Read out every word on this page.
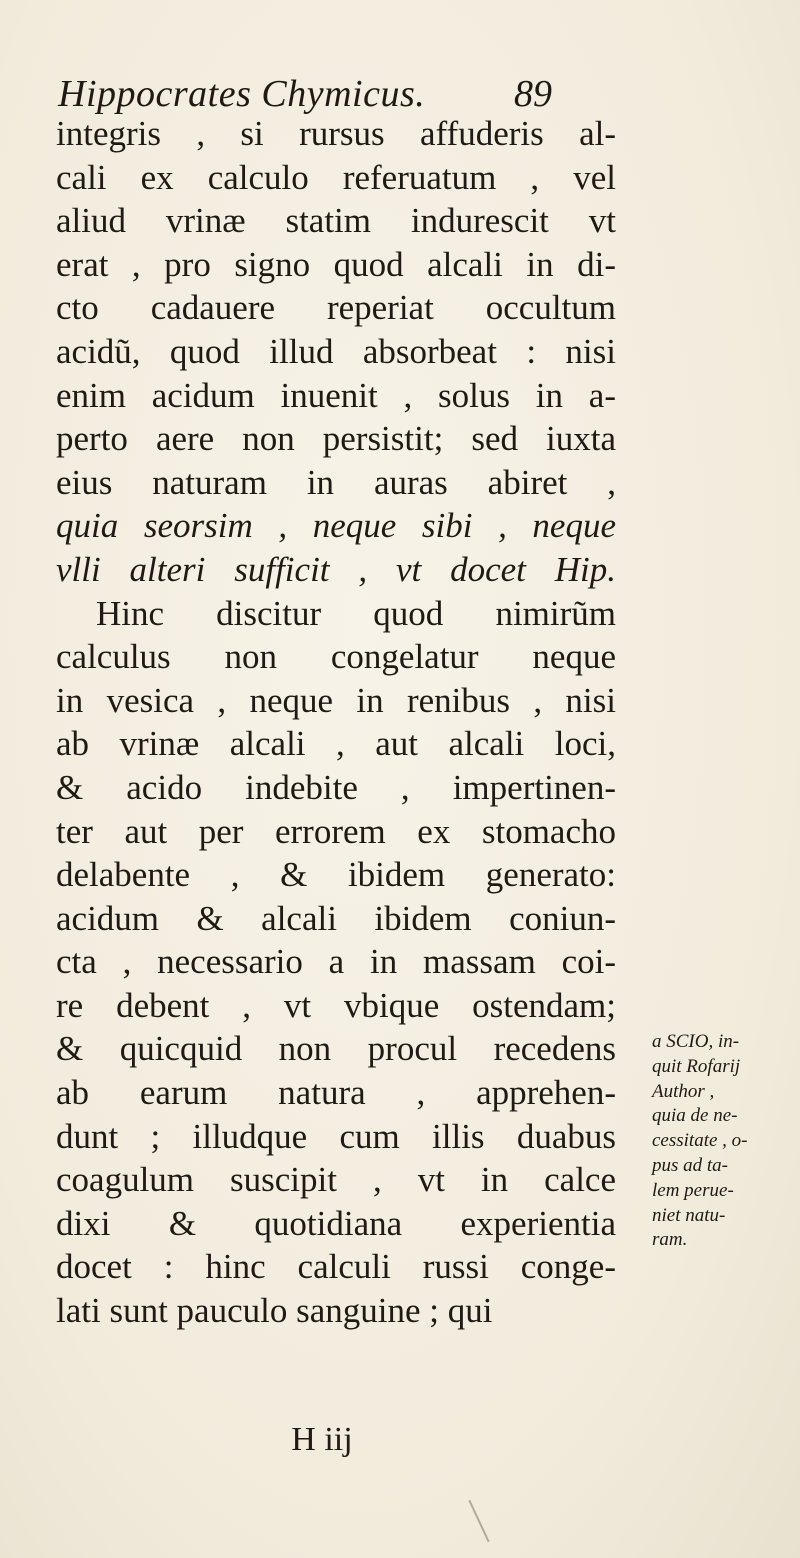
Hippocrates Chymicus. 89
integris , si rursus affuderis al-
cali ex calculo referuatum , vel
aliud vrinæ statim indurescit vt
erat , pro signo quod alcali in di-
cto cadauere reperiat occultum
acidũ, quod illud absorbeat : nisi
enim acidum inuenit , solus in a-
perto aere non persistit; sed iuxta
eius naturam in auras abiret ,
quia seorsim , neque sibi , neque
vlli alteri sufficit , vt docet Hip.
Hinc discitur quod nimirũm
calculus non congelatur neque
in vesica , neque in renibus , nisi
ab vrinæ alcali , aut alcali loci,
& acido indebite , impertinen-
ter aut per errorem ex stomacho
delabente , & ibidem generato:
acidum & alcali ibidem coniun-
cta , necessario a in massam coi-
re debent , vt vbique ostendam;
& quicquid non procul recedens
ab earum natura , apprehen-
dunt ; illudque cum illis duabus
coagulum suscipit , vt in calce
dixi & quotidiana experientia
docet : hinc calculi russi conge-
lati sunt pauculo sanguine ; qui
a SCIO, in-
quit Rofarij
Author ,
quia de ne-
cessitate , o-
pus ad ta-
lem perue-
niet natu-
ram.
H iij
